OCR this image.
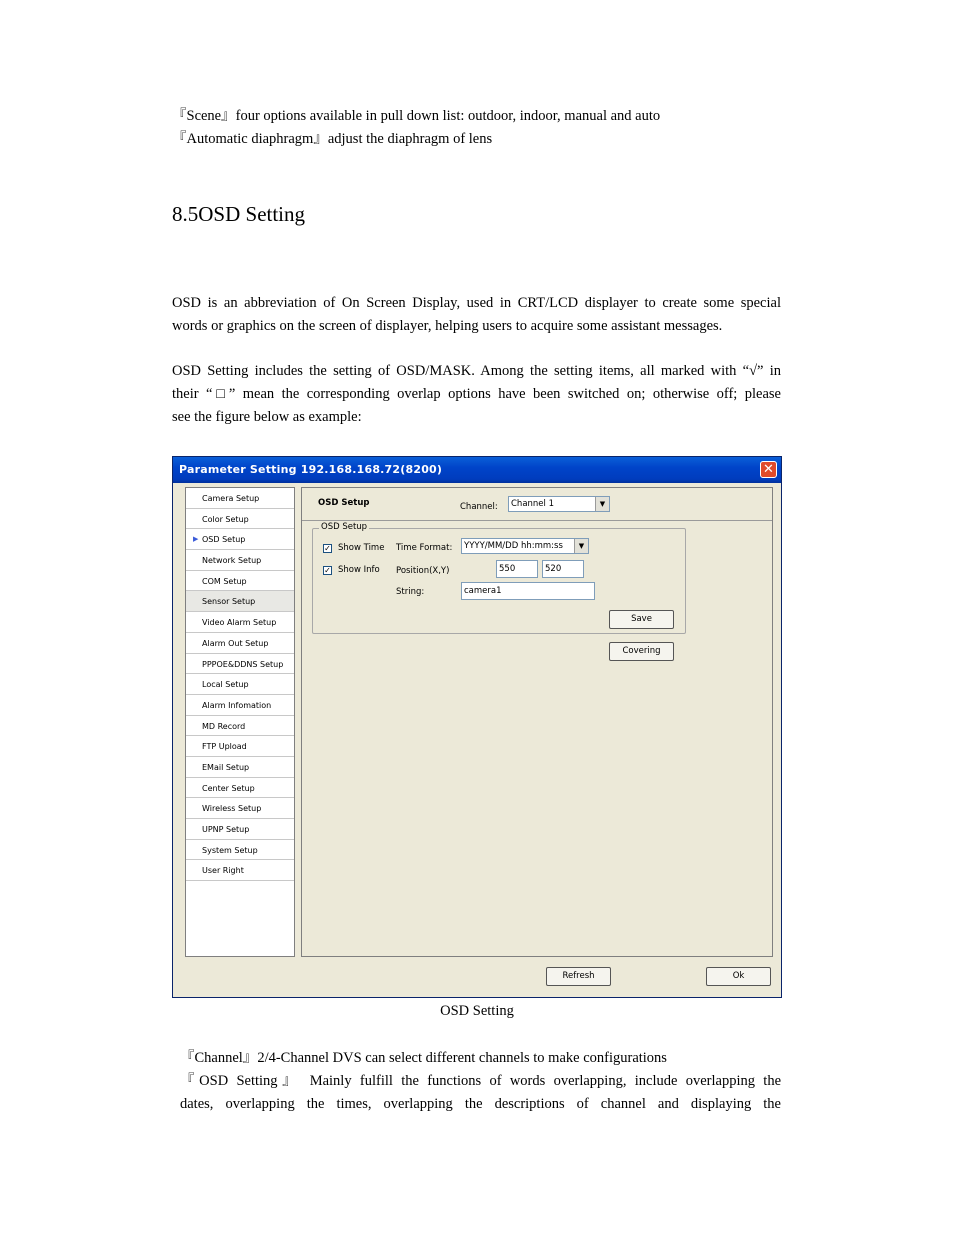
『Scene』four options available in pull down list: outdoor, indoor, manual and auto
『Automatic diaphragm』adjust the diaphragm of lens
8.5OSD Setting
OSD is an abbreviation of On Screen Display, used in CRT/LCD displayer to create some special
words or graphics on the screen of displayer, helping users to acquire some assistant messages.
OSD Setting includes the setting of OSD/MASK. Among the setting items, all marked with “√” in
their “□” mean the corresponding overlap options have been switched on; otherwise off; please
see the figure below as example:
Parameter Setting 192.168.168.72(8200)	✕
Camera Setup
Color Setup
▶ OSD Setup
Network Setup
COM Setup
Sensor Setup
Video Alarm Setup
Alarm Out Setup
PPPOE&DDNS Setup
Local Setup
Alarm Infomation
MD Record
FTP Upload
EMail Setup
Center Setup
Wireless Setup
UPNP Setup
System Setup
User Right
OSD Setup	Channel:	Channel 1	▼
OSD Setup
✓ Show Time Time Format:	YYYY/MM/DD hh:mm:ss	▼
✓ Show Info Position(X,Y)	550	520
String:	camera1
Save
Covering
Refresh	Ok
OSD Setting
『Channel』2/4-Channel DVS can select different channels to make configurations
『OSD Setting』 Mainly fulfill the functions of words overlapping, include overlapping the
dates, overlapping the times, overlapping the descriptions of channel and displaying the
